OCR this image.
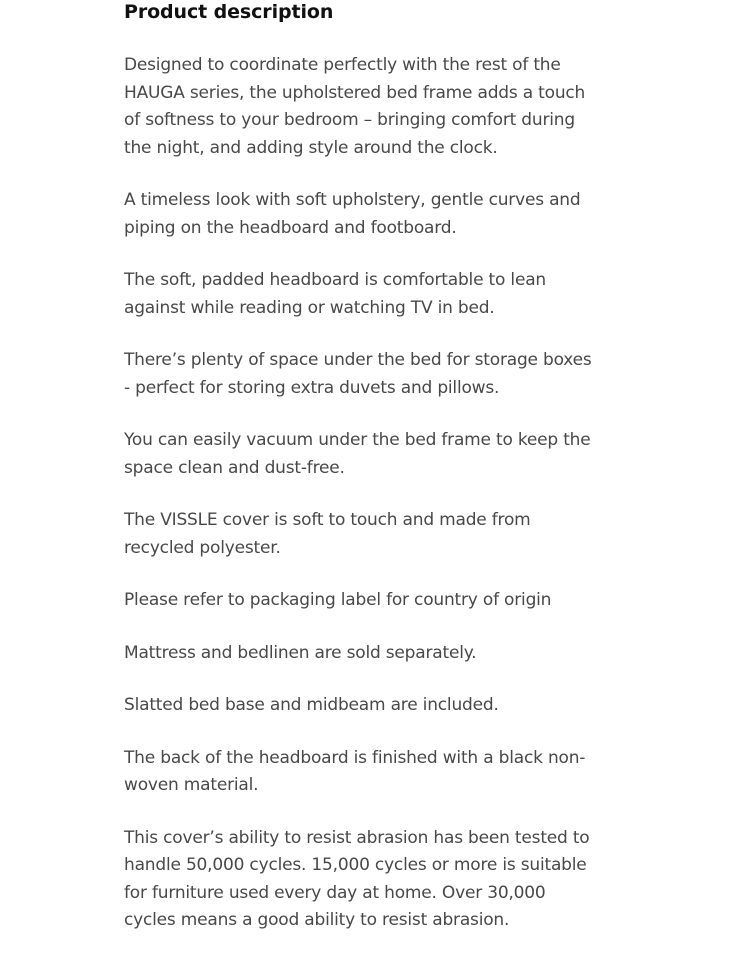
Product description

Designed to coordinate perfectly with the rest of the HAUGA series, the upholstered bed frame adds a touch of softness to your bedroom – bringing comfort during the night, and adding style around the clock.

A timeless look with soft upholstery, gentle curves and piping on the headboard and footboard.

The soft, padded headboard is comfortable to lean against while reading or watching TV in bed.

There’s plenty of space under the bed for storage boxes - perfect for storing extra duvets and pillows.

You can easily vacuum under the bed frame to keep the space clean and dust-free.

The VISSLE cover is soft to touch and made from recycled polyester.

Please refer to packaging label for country of origin

Mattress and bedlinen are sold separately.

Slatted bed base and midbeam are included.

The back of the headboard is finished with a black non-woven material.

This cover’s ability to resist abrasion has been tested to handle 50,000 cycles. 15,000 cycles or more is suitable for furniture used every day at home. Over 30,000 cycles means a good ability to resist abrasion.
